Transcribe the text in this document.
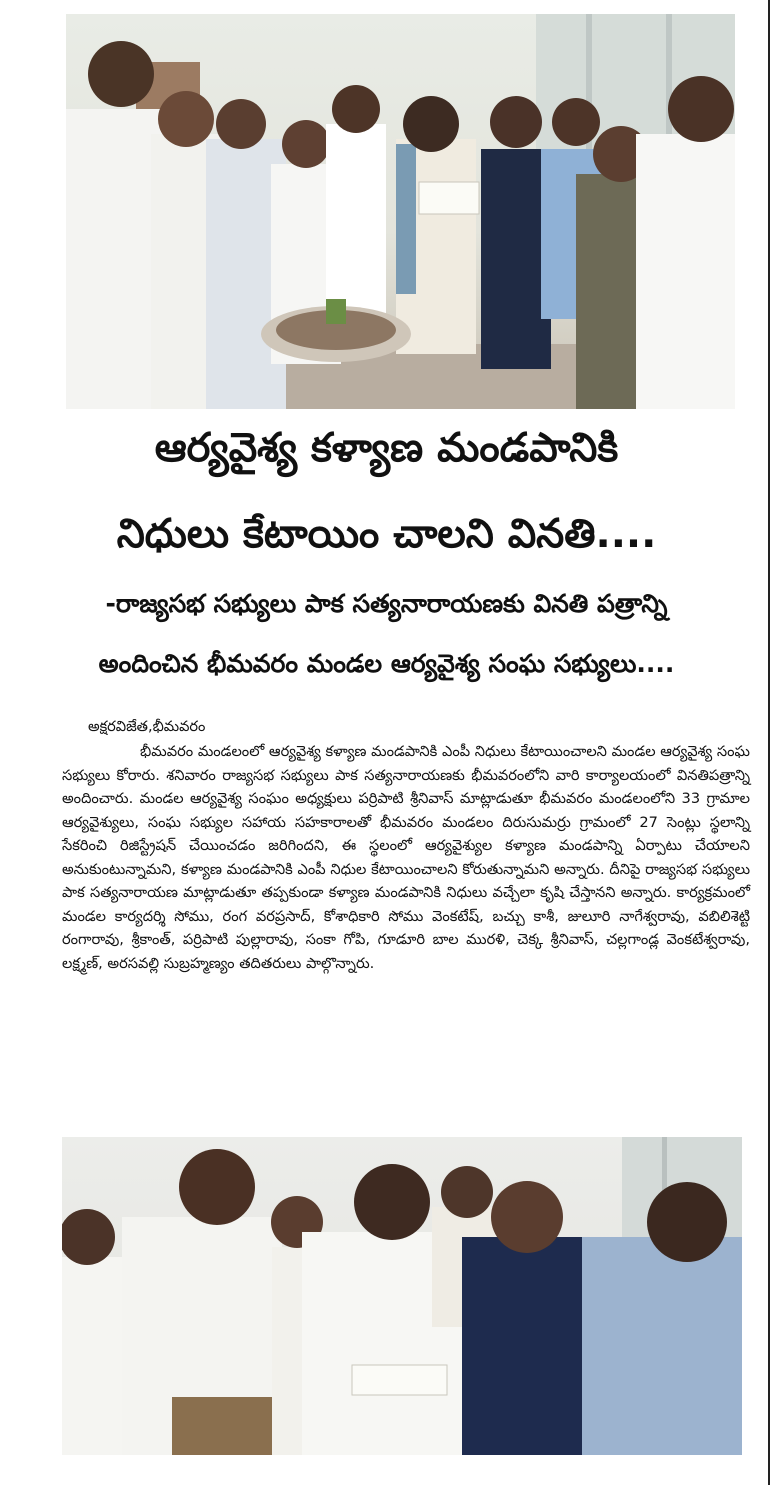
ఆర్యవైశ్య కళ్యాణ మండపానికి
నిధులు కేటాయిం చాలని వినతి....
-రాజ్యసభ సభ్యులు పాక సత్యనారాయణకు వినతి పత్రాన్ని
అందించిన భీమవరం మండల ఆర్యవైశ్య సంఘ సభ్యులు....
అక్షరవిజేత,భీమవరం
భీమవరం మండలంలో ఆర్యవైశ్య కళ్యాణ మండపానికి ఎంపీ నిధులు కేటాయించాలని మండల ఆర్యవైశ్య సంఘ సభ్యులు కోరారు. శనివారం రాజ్యసభ సభ్యులు పాక సత్యనారాయణకు భీమవరంలోని వారి కార్యాలయంలో వినతిపత్రాన్ని అందించారు. మండల ఆర్యవైశ్య సంఘం అధ్యక్షులు పర్రిపాటి శ్రీనివాస్ మాట్లాడుతూ భీమవరం మండలంలోని 33 గ్రామాల ఆర్యవైశ్యులు, సంఘ సభ్యుల సహాయ సహకారాలతో భీమవరం మండలం దిరుసుమర్రు గ్రామంలో 27 సెంట్లు స్థలాన్ని సేకరించి రిజిస్ట్రేషన్ చేయించడం జరిగిందని, ఈ స్థలంలో ఆర్యవైశ్యుల కళ్యాణ మండపాన్ని ఏర్పాటు చేయాలని అనుకుంటున్నామని, కళ్యాణ మండపానికి ఎంపీ నిధుల కేటాయించాలని కోరుతున్నామని అన్నారు. దీనిపై రాజ్యసభ సభ్యులు పాక సత్యనారాయణ మాట్లాడుతూ తప్పకుండా కళ్యాణ మండపానికి నిధులు వచ్చేలా కృషి చేస్తానని అన్నారు. కార్యక్రమంలో మండల కార్యదర్శి సోము, రంగ వరప్రసాద్, కోశాధికారి సోము వెంకటేష్, బచ్చు కాశీ, జులూరి నాగేశ్వరావు, వబిలిశెట్టి రంగారావు, శ్రీకాంత్, పర్రిపాటి పుల్లారావు, సంకా గోపి, గూడూరి బాల మురళి, చెక్క శ్రీనివాస్, చల్లగాండ్ల వెంకటేశ్వరావు, లక్ష్మణ్, అరసవల్లి సుబ్రహ్మణ్యం తదితరులు పాల్గొన్నారు.
